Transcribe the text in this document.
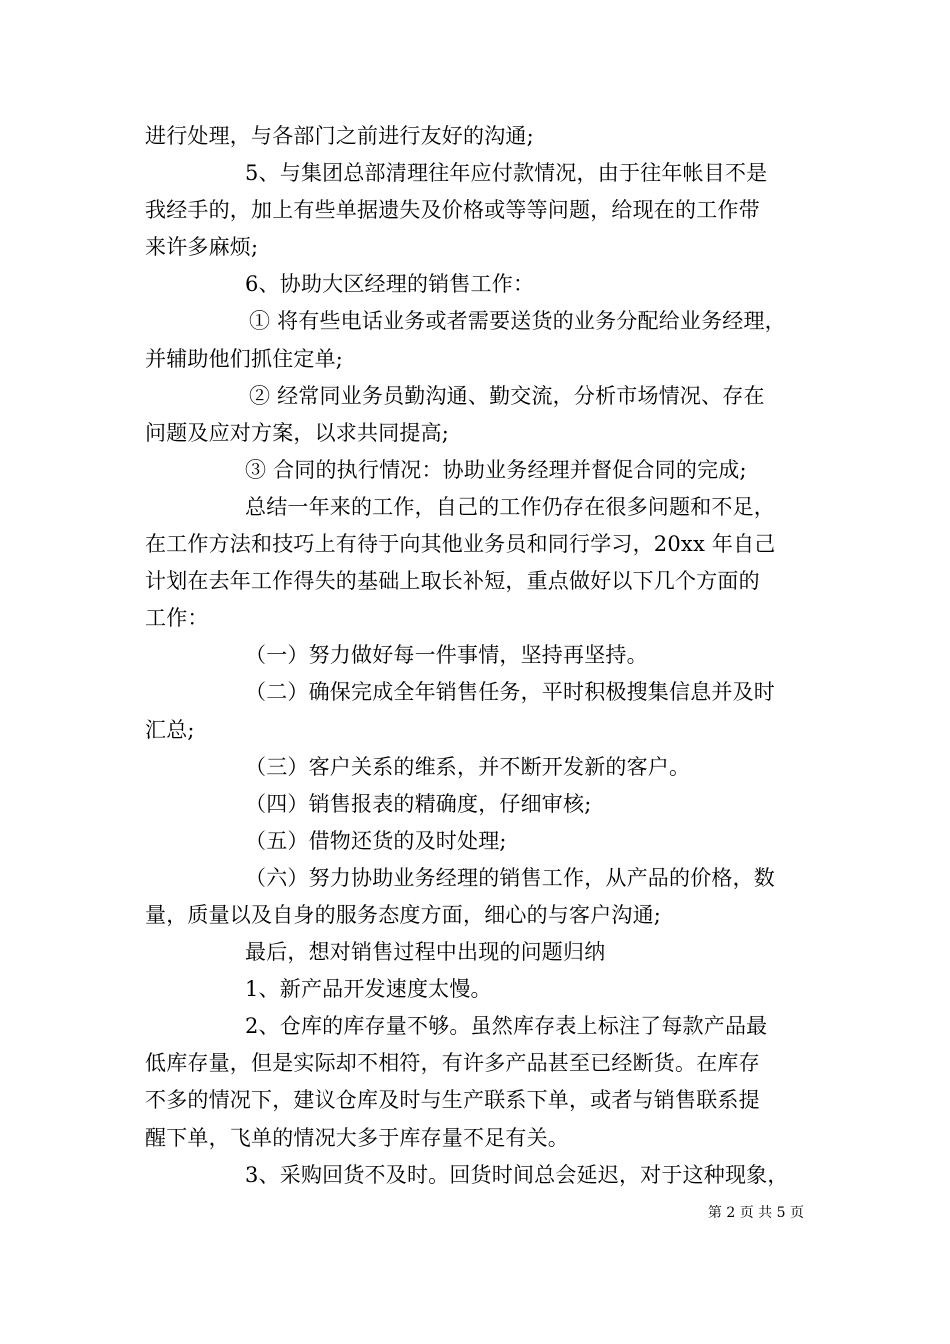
进行处理，与各部门之前进行友好的沟通;
5、与集团总部清理往年应付款情况，由于往年帐目不是
我经手的，加上有些单据遗失及价格或等等问题，给现在的工作带
来许多麻烦;
6、协助大区经理的销售工作：
① 将有些电话业务或者需要送货的业务分配给业务经理，
并辅助他们抓住定单;
② 经常同业务员勤沟通、勤交流，分析市场情况、存在
问题及应对方案，以求共同提高;
③ 合同的执行情况：协助业务经理并督促合同的完成;
总结一年来的工作，自己的工作仍存在很多问题和不足，
在工作方法和技巧上有待于向其他业务员和同行学习，20xx 年自己
计划在去年工作得失的基础上取长补短，重点做好以下几个方面的
工作：
（一）努力做好每一件事情，坚持再坚持。
（二）确保完成全年销售任务，平时积极搜集信息并及时
汇总;
（三）客户关系的维系，并不断开发新的客户。
（四）销售报表的精确度，仔细审核;
（五）借物还货的及时处理;
（六）努力协助业务经理的销售工作，从产品的价格，数
量，质量以及自身的服务态度方面，细心的与客户沟通;
最后，想对销售过程中出现的问题归纳
1、新产品开发速度太慢。
2、仓库的库存量不够。虽然库存表上标注了每款产品最
低库存量，但是实际却不相符，有许多产品甚至已经断货。在库存
不多的情况下，建议仓库及时与生产联系下单，或者与销售联系提
醒下单，飞单的情况大多于库存量不足有关。
3、采购回货不及时。回货时间总会延迟，对于这种现象，
第 2 页 共 5 页
